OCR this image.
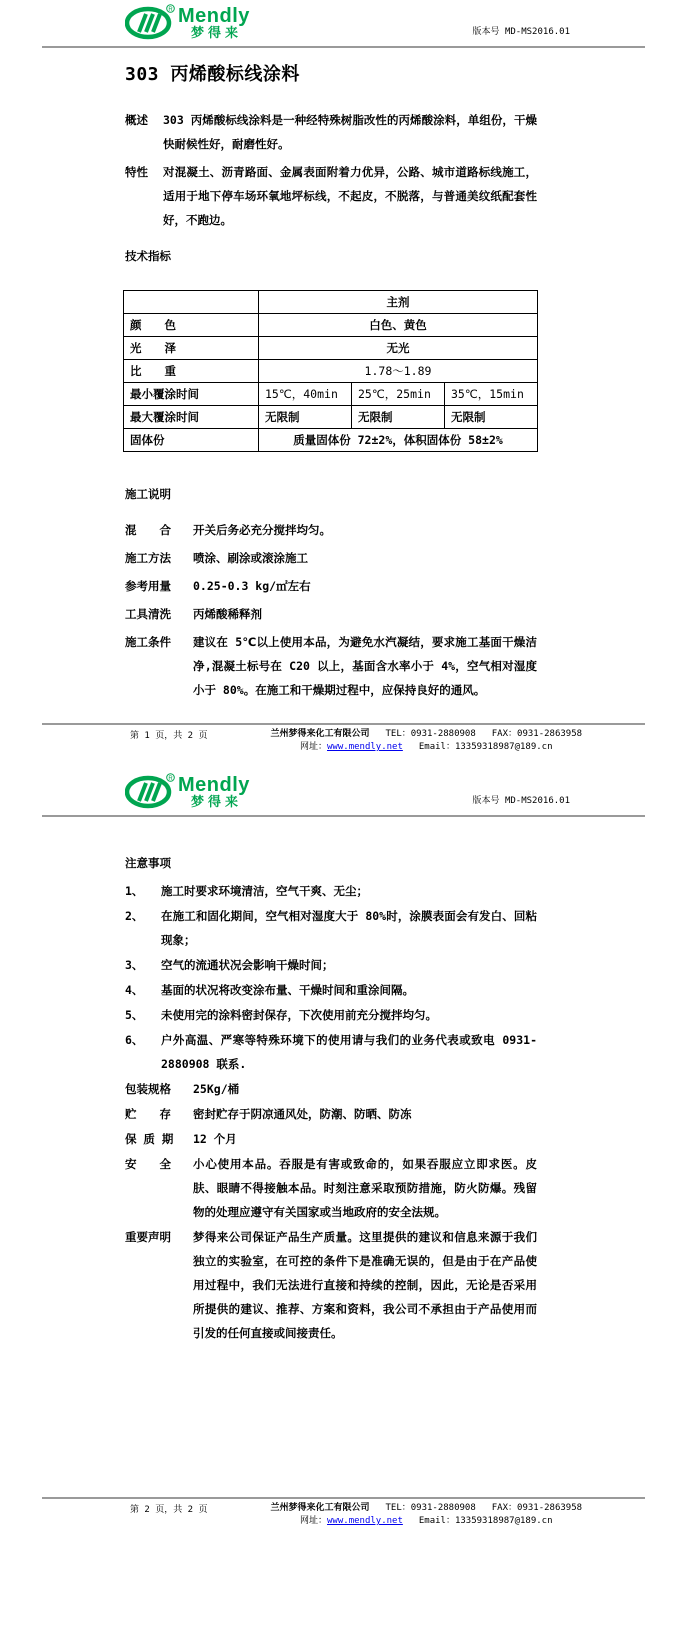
R Mendly
梦得来	版本号 MD-MS2016.01
303 丙烯酸标线涂料
概述	303 丙烯酸标线涂料是一种经特殊树脂改性的丙烯酸涂料，单组份，干燥快耐候性好，耐磨性好。
特性	对混凝土、沥青路面、金属表面附着力优异，公路、城市道路标线施工，适用于地下停车场环氧地坪标线，不起皮，不脱落，与普通美纹纸配套性好，不跑边。
技术指标
	主剂		
颜　　色	白色、黄色		
光　　泽	无光		
比　　重	1.78～1.89		
最小覆涂时间	15℃，40min	25℃，25min	35℃，15min
最大覆涂时间	无限制	无限制	无限制
固体份	质量固体份 72±2%，体积固体份 58±2%		
施工说明
混　　合	开关后务必充分搅拌均匀。
施工方法	喷涂、刷涂或滚涂施工
参考用量	0.25-0.3 kg/㎡左右
工具清洗	丙烯酸稀释剂
施工条件	建议在 5℃以上使用本品，为避免水汽凝结，要求施工基面干燥洁净,混凝土标号在 C20 以上，基面含水率小于 4%，空气相对湿度小于 80%。在施工和干燥期过程中，应保持良好的通风。
第 1 页，共 2 页	兰州梦得来化工有限公司 TEL：0931-2880908 FAX：0931-2863958
网址：www.mendly.net Email：13359318987@189.cn
R Mendly
梦得来	版本号 MD-MS2016.01
注意事项
1、	施工时要求环境清洁，空气干爽、无尘；
2、	在施工和固化期间，空气相对湿度大于 80%时，涂膜表面会有发白、回粘现象；
3、	空气的流通状况会影响干燥时间；
4、	基面的状况将改变涂布量、干燥时间和重涂间隔。
5、	未使用完的涂料密封保存，下次使用前充分搅拌均匀。
6、	户外高温、严寒等特殊环境下的使用请与我们的业务代表或致电 0931-2880908 联系.
包装规格	25Kg/桶
贮　　存	密封贮存于阴凉通风处，防潮、防晒、防冻
保 质 期	12 个月
安　　全	小心使用本品。吞服是有害或致命的，如果吞服应立即求医。皮肤、眼睛不得接触本品。时刻注意采取预防措施，防火防爆。残留物的处理应遵守有关国家或当地政府的安全法规。
重要声明	梦得来公司保证产品生产质量。这里提供的建议和信息来源于我们独立的实验室，在可控的条件下是准确无误的，但是由于在产品使用过程中，我们无法进行直接和持续的控制，因此，无论是否采用所提供的建议、推荐、方案和资料，我公司不承担由于产品使用而引发的任何直接或间接责任。
第 2 页，共 2 页	兰州梦得来化工有限公司 TEL：0931-2880908 FAX：0931-2863958
网址：www.mendly.net Email：13359318987@189.cn
